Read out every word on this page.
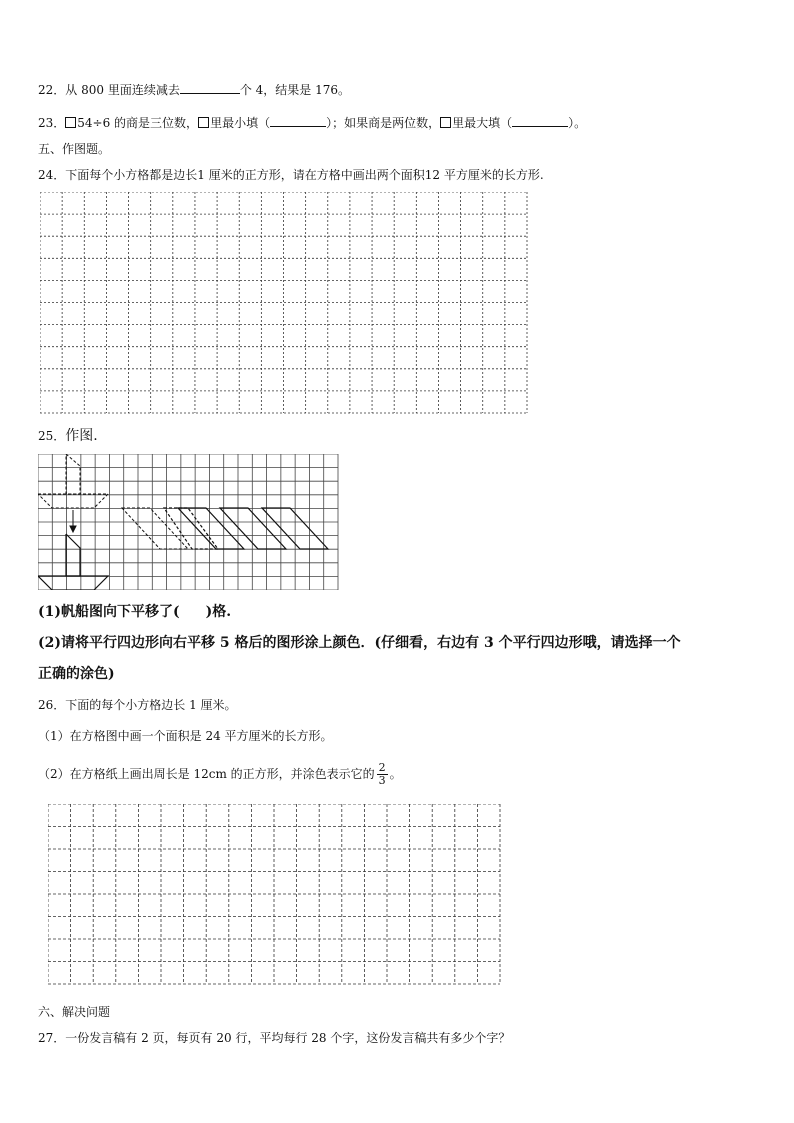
22．从 800 里面连续减去	个 4，结果是 176。
23． 54÷6 的商是三位数， 里最小填（	）；如果商是两位数， 里最大填（	）。
五、作图题。
24．下面每个小方格都是边长1 厘米的正方形，请在方格中画出两个面积12 平方厘米的长方形.
25．作图.
(1)帆船图向下平移了( )格.
(2)请将平行四边形向右平移 5 格后的图形涂上颜色．(仔细看，右边有 3 个平行四边形哦，请选择一个
正确的涂色)
26．下面的每个小方格边长 1 厘米。
（1）在方格图中画一个面积是 24 平方厘米的长方形。
（2）在方格纸上画出周长是 12cm 的正方形，并涂色表示它的 $\frac{2}{3}$ 。
六、解决问题
27．一份发言稿有 2 页，每页有 20 行，平均每行 28 个字，这份发言稿共有多少个字？
